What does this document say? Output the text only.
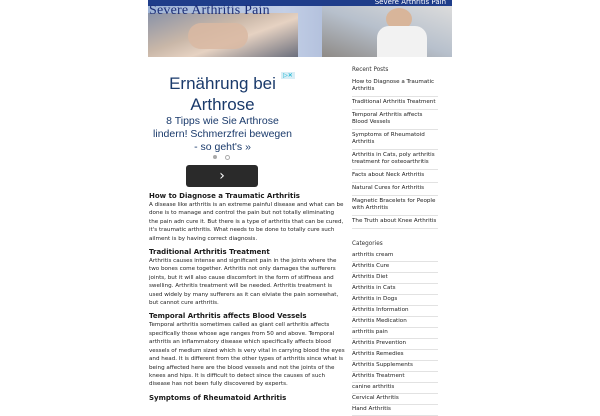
Severe Arthritis Pain
Severe Arthritis Pain
▷✕
Ernährung bei Arthrose
8 Tipps wie Sie Arthrose lindern! Schmerzfrei bewegen - so geht's »
›
How to Diagnose a Traumatic Arthritis

A disease like arthritis is an extreme painful disease and what can be done is to manage and control the pain but not totally eliminating the pain adn cure it. But there is a type of arthritis that can be cured, it's traumatic arthritis. What needs to be done to totally cure such ailment is by having correct diagnosis.

Traditional Arthritis Treatment

Arthritis causes intense and significant pain in the joints where the two bones come together. Arthritis not only damages the sufferers joints, but it will also cause discomfort in the form of stiffness and swelling. Arthritis treatment will be needed. Arthritis treatment is used widely by many sufferers as it can elviate the pain somewhat, but cannot cure arthritis.

Temporal Arthritis affects Blood Vessels

Temporal arthritis sometimes called as giant cell arthritis affects specifically those whose age ranges from 50 and above. Temporal arthritis an inflammatory disease which specifically affects blood vessels of medium sized which is very vital in carrying blood the eyes and head. It is different from the other types of arthritis since what is being affected here are the blood vessels and not the joints of the knees and hips. It is difficult to detect since the causes of such disease has not been fully discovered by experts.

Symptoms of Rheumatoid Arthritis

Recent Posts
How to Diagnose a Traumatic Arthritis
Traditional Arthritis Treatment
Temporal Arthritis affects Blood Vessels
Symptoms of Rheumatoid Arthritis
Arthritis in Cats, poly arthritis treatment for osteoarthritis
Facts about Neck Arthritis
Natural Cures for Arthritis
Magnetic Bracelets for People with Arthritis
The Truth about Knee Arthritis
Categories
arthritis cream
Arthritis Cure
Arthritis Diet
Arthritis in Cats
Arthritis in Dogs
Arthritis Information
Arthritis Medication
arthritis pain
Arthritis Prevention
Arthritis Remedies
Arthritis Supplements
Arthritis Treatment
canine arthritis
Cervical Arthritis
Hand Arthritis
